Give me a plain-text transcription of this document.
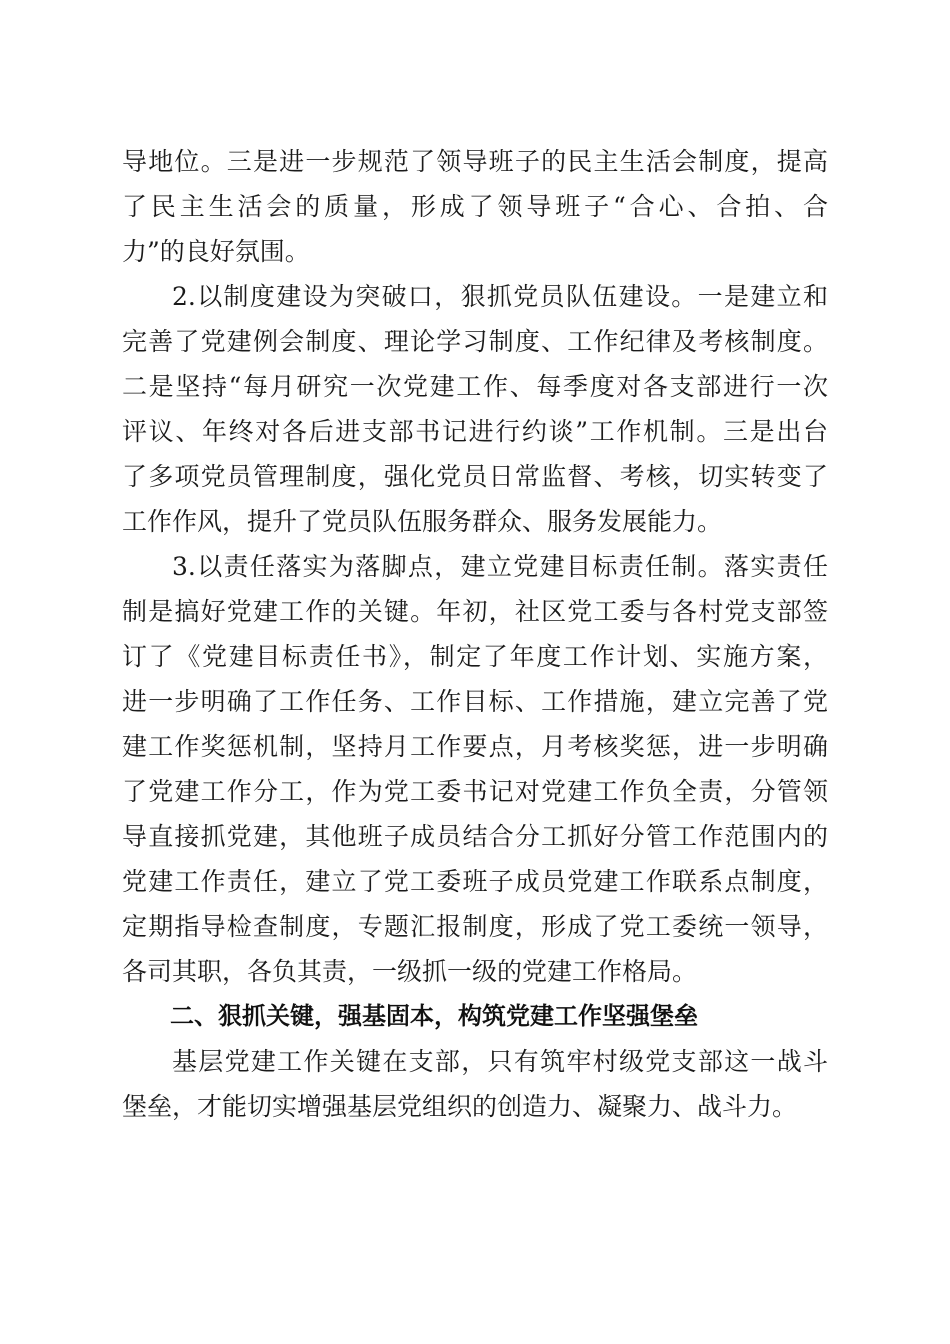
导地位。三是进一步规范了领导班子的民主生活会制度，提高
了民主生活会的质量，形成了领导班子“合心、合拍、合
力”的良好氛围。
2.以制度建设为突破口，狠抓党员队伍建设。一是建立和
完善了党建例会制度、理论学习制度、工作纪律及考核制度。
二是坚持“每月研究一次党建工作、每季度对各支部进行一次
评议、年终对各后进支部书记进行约谈”工作机制。三是出台
了多项党员管理制度，强化党员日常监督、考核，切实转变了
工作作风，提升了党员队伍服务群众、服务发展能力。
3.以责任落实为落脚点，建立党建目标责任制。落实责任
制是搞好党建工作的关键。年初，社区党工委与各村党支部签
订了《党建目标责任书》，制定了年度工作计划、实施方案，
进一步明确了工作任务、工作目标、工作措施，建立完善了党
建工作奖惩机制，坚持月工作要点，月考核奖惩，进一步明确
了党建工作分工，作为党工委书记对党建工作负全责，分管领
导直接抓党建，其他班子成员结合分工抓好分管工作范围内的
党建工作责任，建立了党工委班子成员党建工作联系点制度，
定期指导检查制度，专题汇报制度，形成了党工委统一领导，
各司其职，各负其责，一级抓一级的党建工作格局。
二、狠抓关键，强基固本，构筑党建工作坚强堡垒
基层党建工作关键在支部，只有筑牢村级党支部这一战斗
堡垒，才能切实增强基层党组织的创造力、凝聚力、战斗力。
